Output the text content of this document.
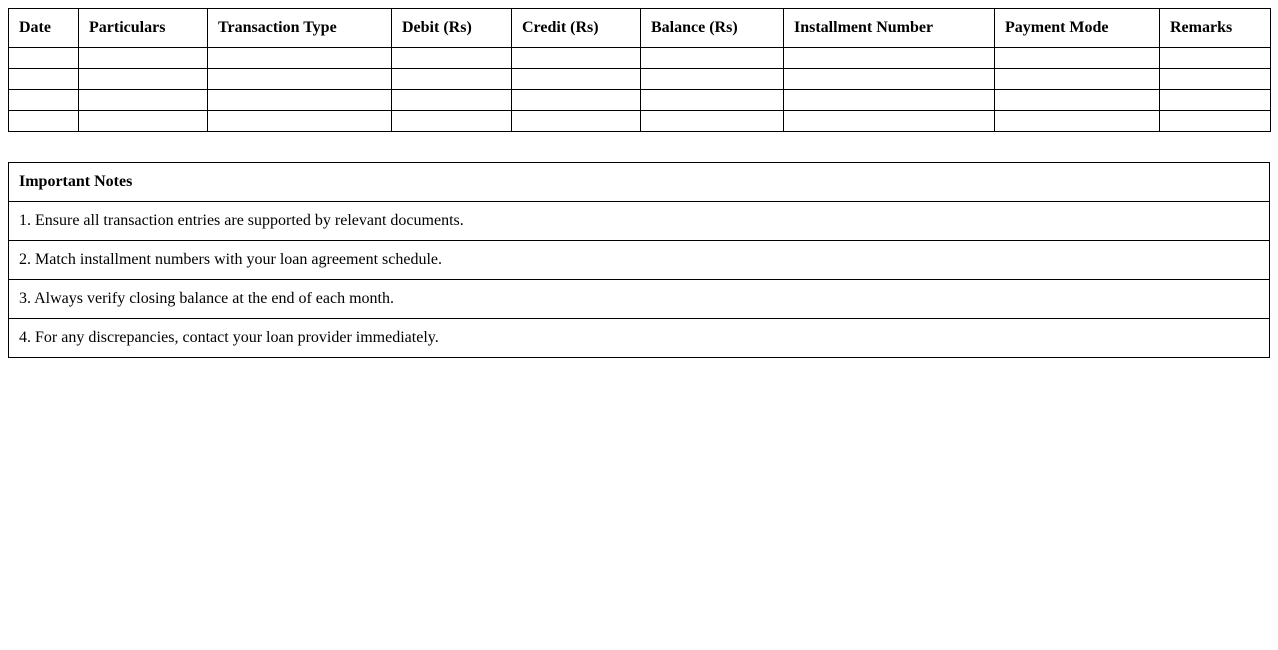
Date	Particulars	Transaction Type	Debit (Rs)	Credit (Rs)	Balance (Rs)	Installment Number	Payment Mode	Remarks

Important Notes
1. Ensure all transaction entries are supported by relevant documents.
2. Match installment numbers with your loan agreement schedule.
3. Always verify closing balance at the end of each month.
4. For any discrepancies, contact your loan provider immediately.
